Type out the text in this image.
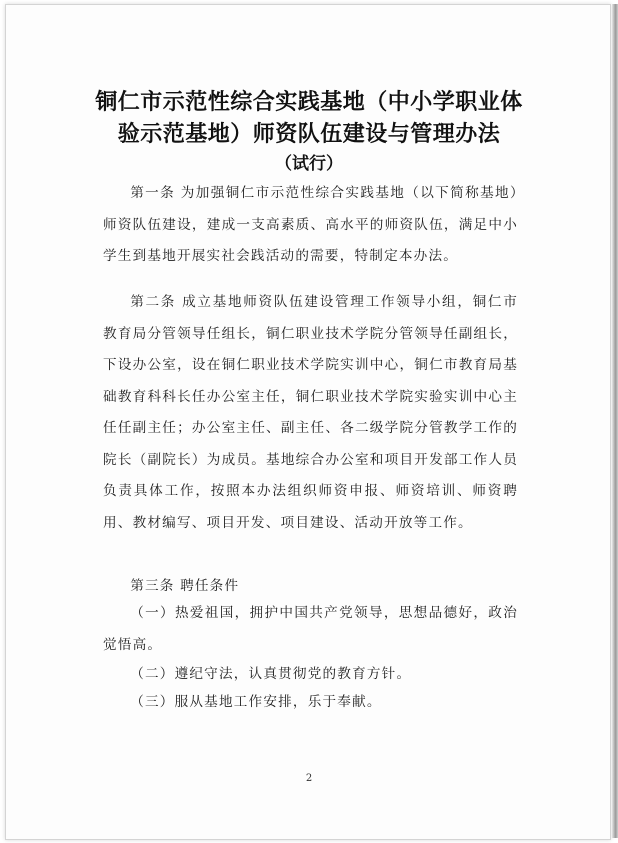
铜仁市示范性综合实践基地（中小学职业体
验示范基地）师资队伍建设与管理办法
（试行）
第一条 为加强铜仁市示范性综合实践基地（以下简称基地）师资队伍建设，建成一支高素质、高水平的师资队伍，满足中小学生到基地开展实社会践活动的需要，特制定本办法。
第二条 成立基地师资队伍建设管理工作领导小组，铜仁市教育局分管领导任组长，铜仁职业技术学院分管领导任副组长，下设办公室，设在铜仁职业技术学院实训中心，铜仁市教育局基础教育科科长任办公室主任，铜仁职业技术学院实验实训中心主任任副主任；办公室主任、副主任、各二级学院分管教学工作的院长（副院长）为成员。基地综合办公室和项目开发部工作人员负责具体工作，按照本办法组织师资申报、师资培训、师资聘用、教材编写、项目开发、项目建设、活动开放等工作。
第三条 聘任条件
（一）热爱祖国，拥护中国共产党领导，思想品德好，政治觉悟高。
（二）遵纪守法，认真贯彻党的教育方针。
（三）服从基地工作安排，乐于奉献。
2
